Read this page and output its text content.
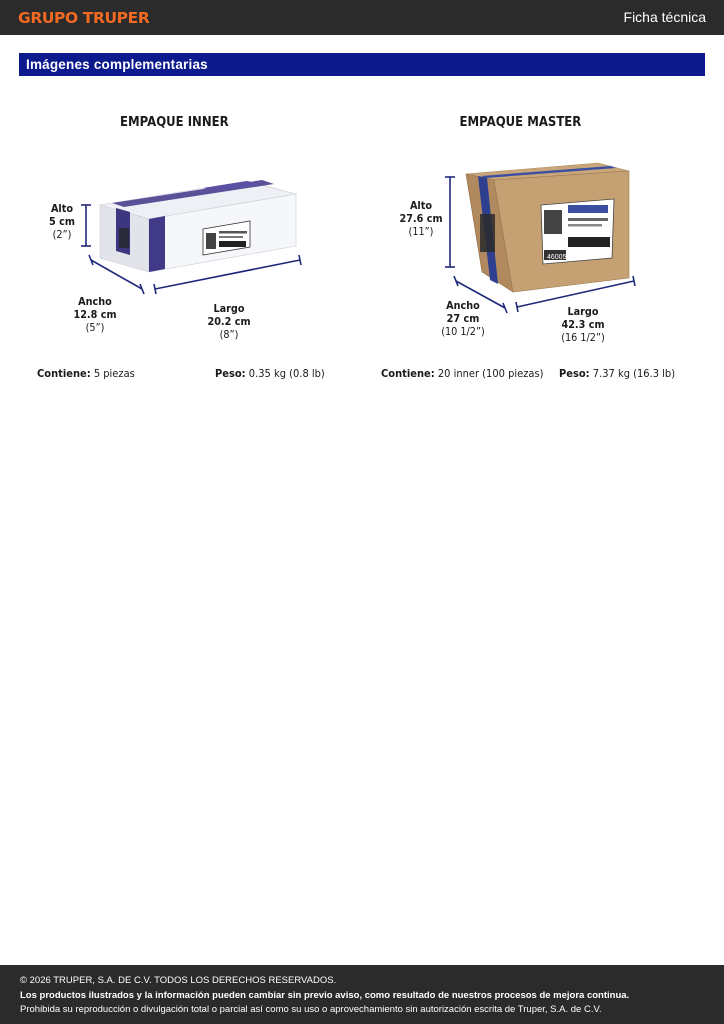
GRUPO TRUPER	Ficha técnica
Imágenes complementarias
EMPAQUE INNER	EMPAQUE MASTER
46005
Alto
5 cm
(2”)
Ancho
12.8 cm
(5”)
Largo
20.2 cm
(8”)
Alto
27.6 cm
(11”)
Ancho
27 cm
(10 1/2”)
Largo
42.3 cm
(16 1/2”)
Contiene: 5 piezas	Peso: 0.35 kg (0.8 lb)	Contiene: 20 inner (100 piezas) Peso: 7.37 kg (16.3 lb)
© 2026 TRUPER, S.A. DE C.V. TODOS LOS DERECHOS RESERVADOS.
Los productos ilustrados y la información pueden cambiar sin previo aviso, como resultado de nuestros procesos de mejora continua.
Prohibida su reproducción o divulgación total o parcial así como su uso o aprovechamiento sin autorización escrita de Truper, S.A. de C.V.
